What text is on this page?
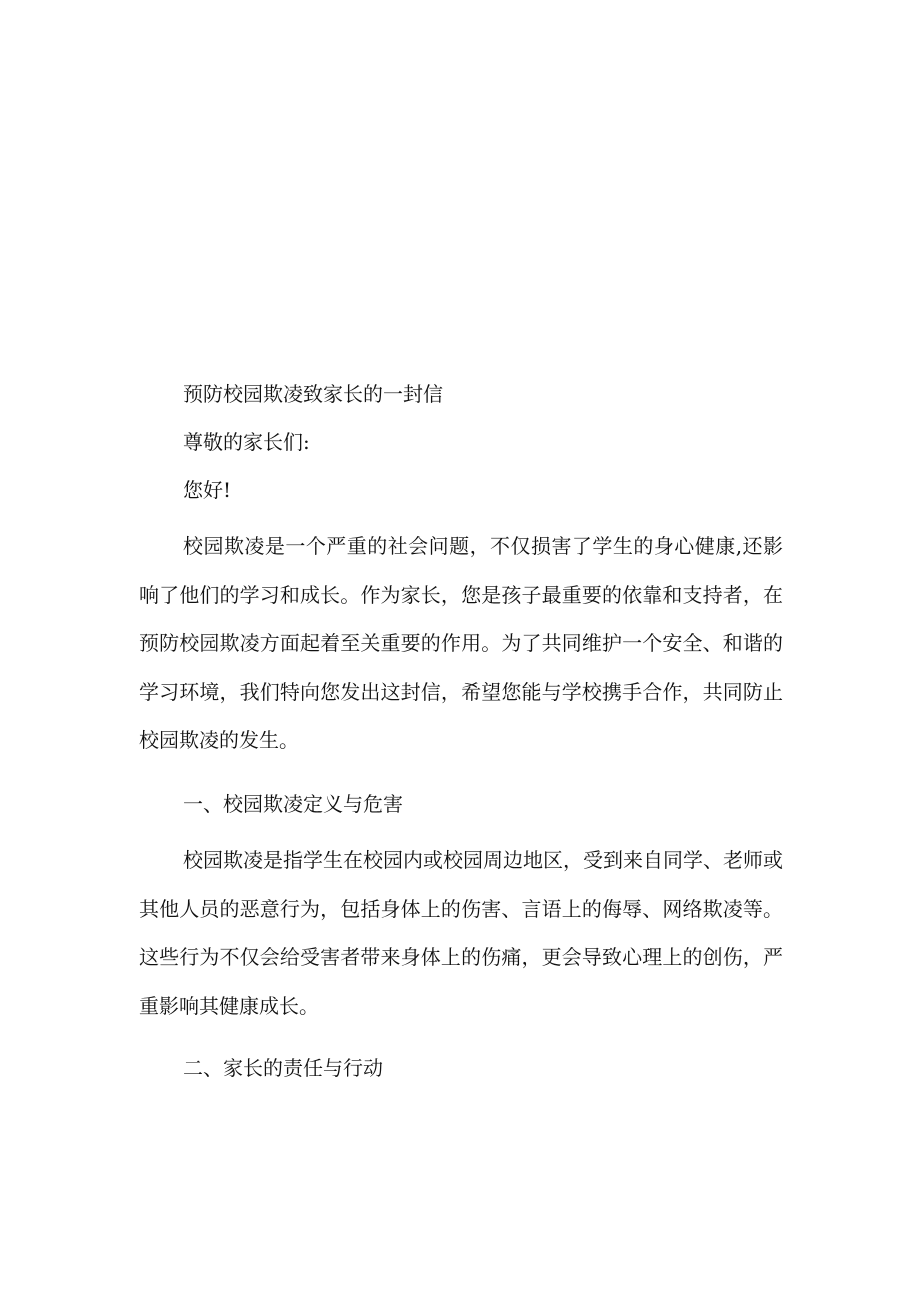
预防校园欺凌致家长的一封信

尊敬的家长们:

您好!

校园欺凌是一个严重的社会问题，不仅损害了学生的身心健康,还影响了他们的学习和成长。作为家长，您是孩子最重要的依靠和支持者，在预防校园欺凌方面起着至关重要的作用。为了共同维护一个安全、和谐的学习环境，我们特向您发出这封信，希望您能与学校携手合作，共同防止校园欺凌的发生。

一、校园欺凌定义与危害

校园欺凌是指学生在校园内或校园周边地区，受到来自同学、老师或其他人员的恶意行为，包括身体上的伤害、言语上的侮辱、网络欺凌等。这些行为不仅会给受害者带来身体上的伤痛，更会导致心理上的创伤，严重影响其健康成长。

二、家长的责任与行动
